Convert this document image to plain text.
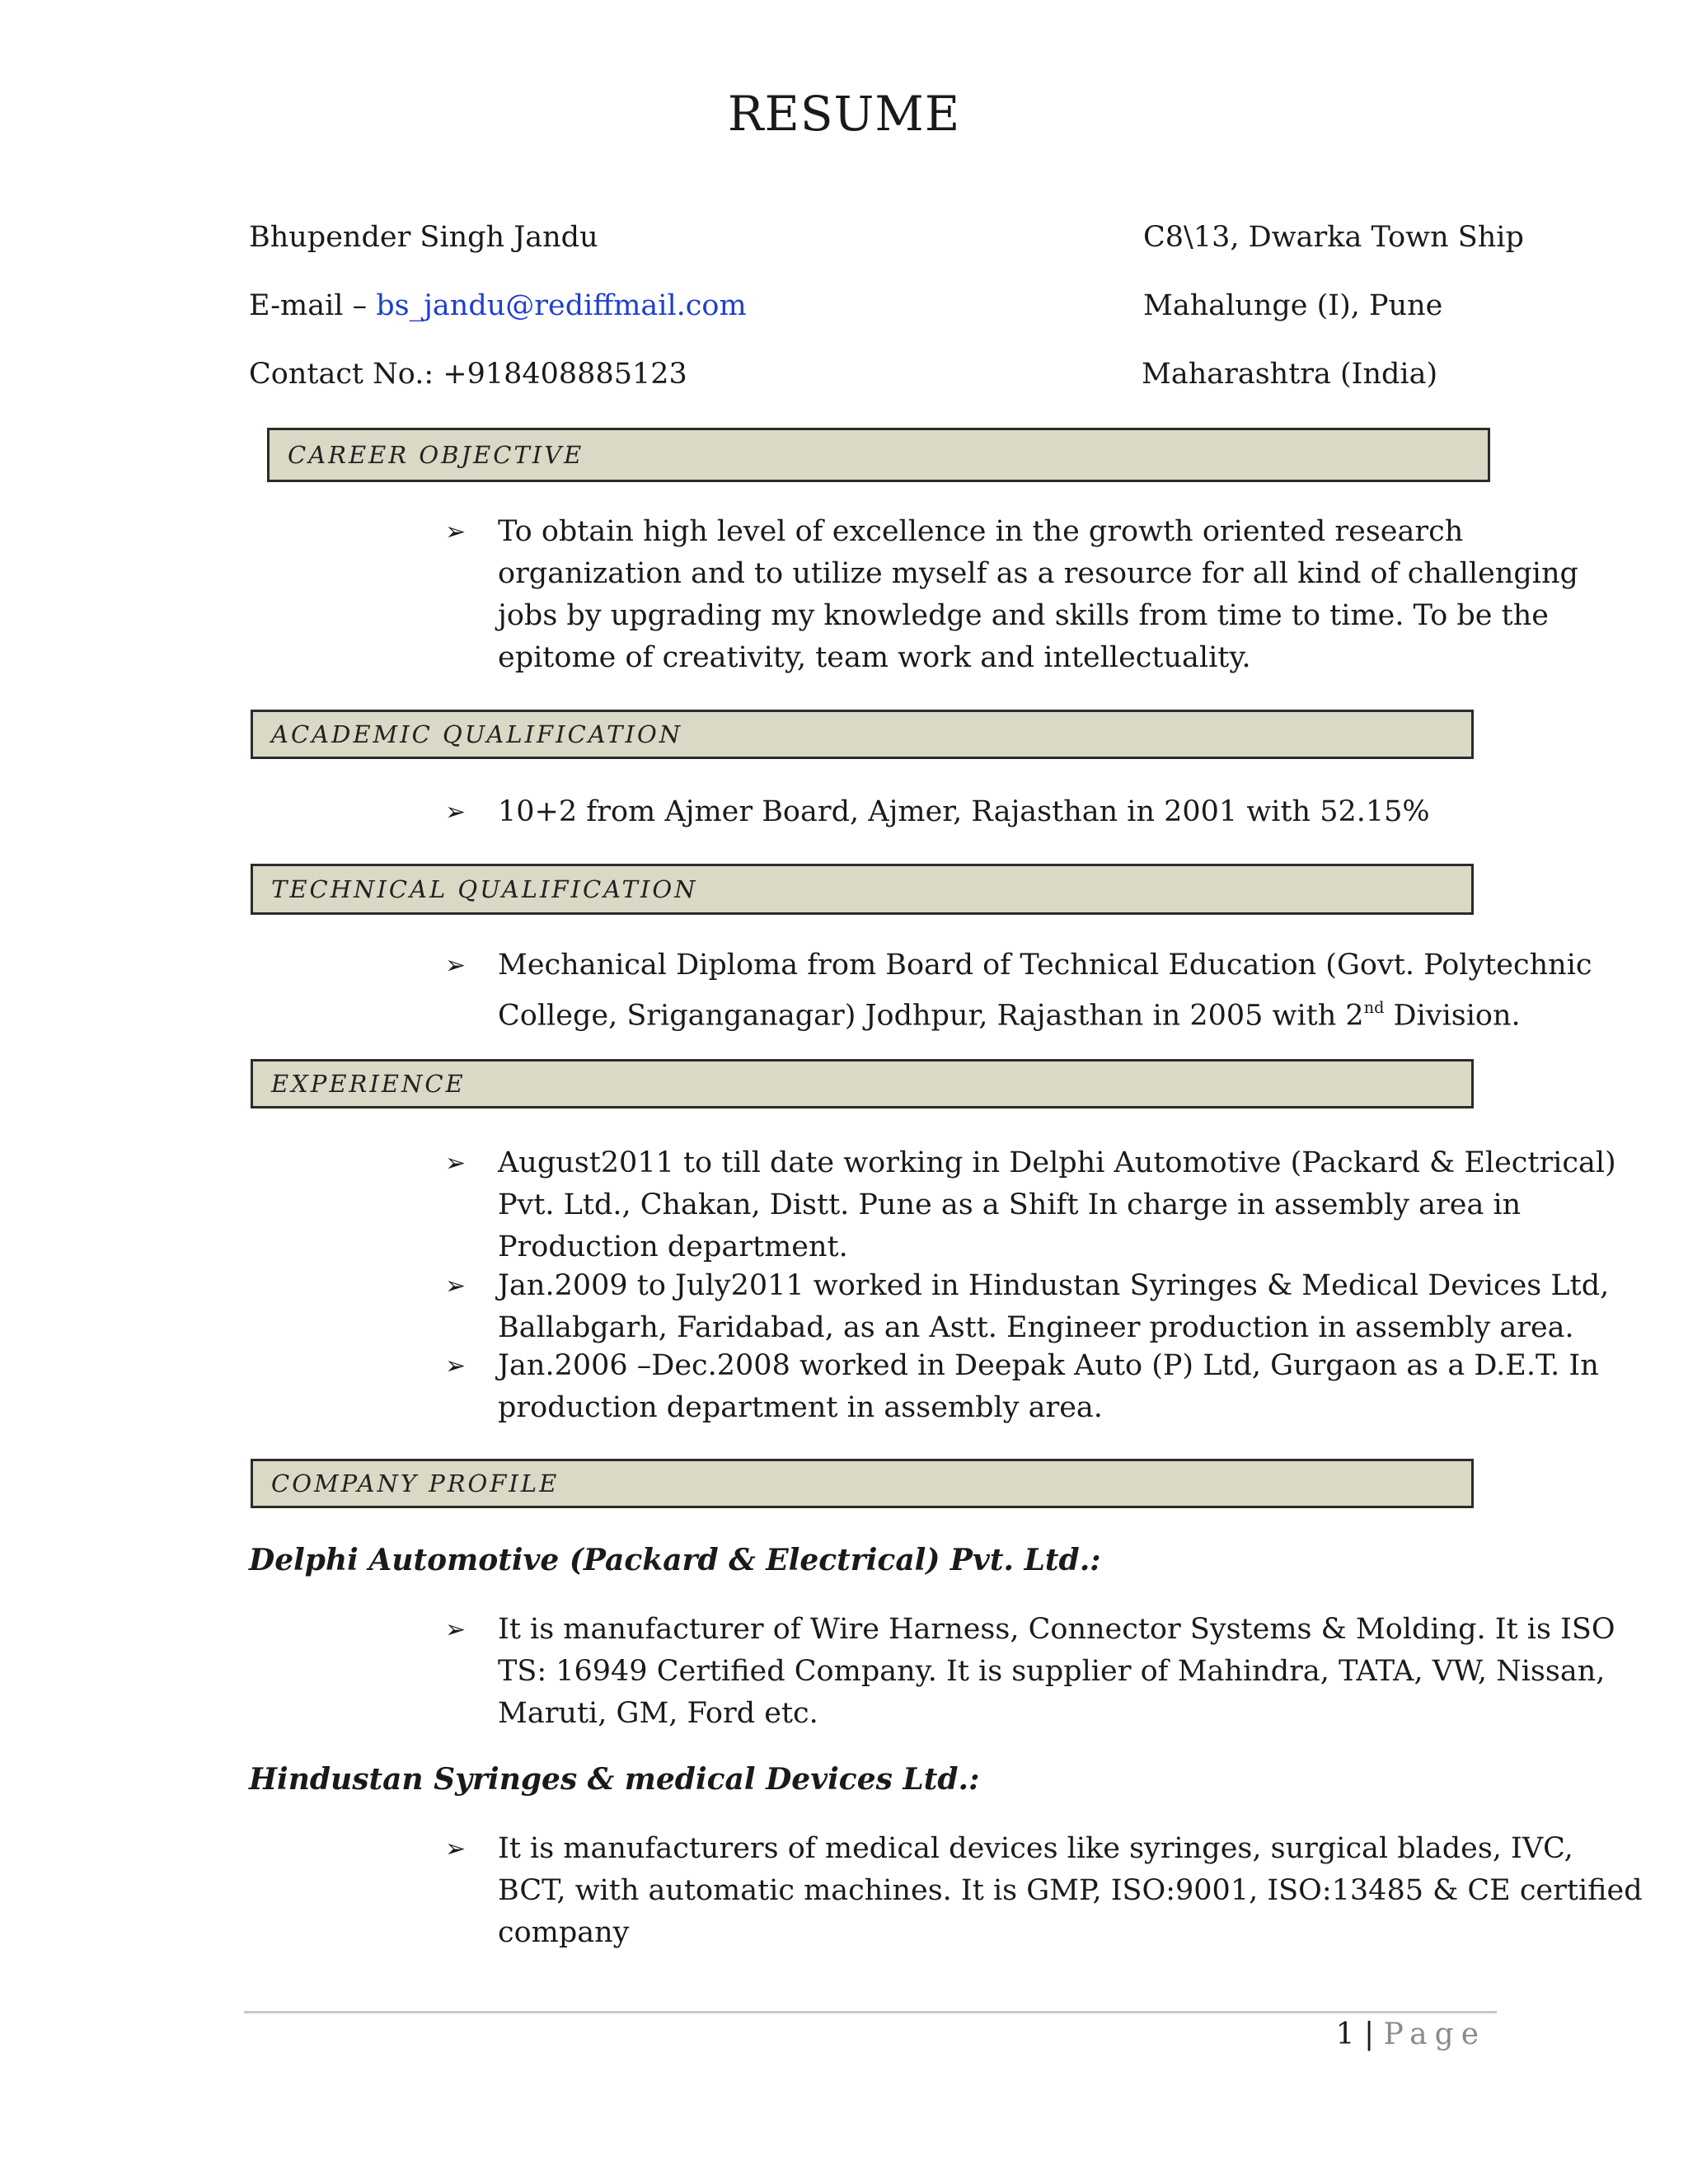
RESUME
Bhupender Singh Jandu
E-mail – bs_jandu@rediffmail.com
Contact No.: +918408885123
C8\13, Dwarka Town Ship
Mahalunge (I), Pune
Maharashtra (India)
CAREER OBJECTIVE
➢ To obtain high level of excellence in the growth oriented research
organization and to utilize myself as a resource for all kind of challenging
jobs by upgrading my knowledge and skills from time to time. To be the
epitome of creativity, team work and intellectuality.
ACADEMIC QUALIFICATION
➢ 10+2 from Ajmer Board, Ajmer, Rajasthan in 2001 with 52.15%
TECHNICAL QUALIFICATION
➢ Mechanical Diploma from Board of Technical Education (Govt. Polytechnic
College, Sriganganagar) Jodhpur, Rajasthan in 2005 with 2nd Division.
EXPERIENCE
➢ August2011 to till date working in Delphi Automotive (Packard & Electrical)
Pvt. Ltd., Chakan, Distt. Pune as a Shift In charge in assembly area in
Production department.
➢ Jan.2009 to July2011 worked in Hindustan Syringes & Medical Devices Ltd,
Ballabgarh, Faridabad, as an Astt. Engineer production in assembly area.
➢ Jan.2006 –Dec.2008 worked in Deepak Auto (P) Ltd, Gurgaon as a D.E.T. In
production department in assembly area.
COMPANY PROFILE
Delphi Automotive (Packard & Electrical) Pvt. Ltd.:
➢ It is manufacturer of Wire Harness, Connector Systems & Molding. It is ISO
TS: 16949 Certified Company. It is supplier of Mahindra, TATA, VW, Nissan,
Maruti, GM, Ford etc.
Hindustan Syringes & medical Devices Ltd.:
➢ It is manufacturers of medical devices like syringes, surgical blades, IVC,
BCT, with automatic machines. It is GMP, ISO:9001, ISO:13485 & CE certified
company
1 | Page
